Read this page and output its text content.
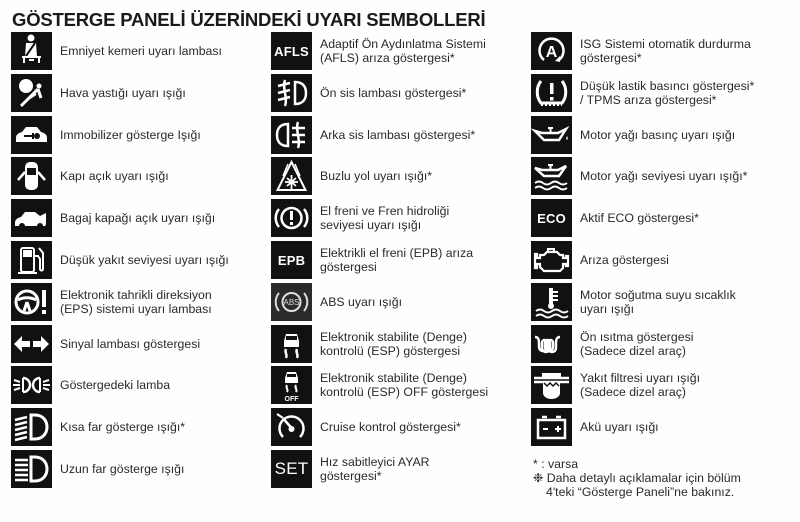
GÖSTERGE PANELİ ÜZERİNDEKİ UYARI SEMBOLLERİ
Emniyet kemeri uyarı lambası
Hava yastığı uyarı ışığı
Immobilizer gösterge Işığı
Kapı açık uyarı ışığı
Bagaj kapağı açık uyarı ışığı
Düşük yakıt seviyesi uyarı ışığı
Elektronik tahrikli direksiyon
(EPS) sistemi uyarı lambası
Sinyal lambası göstergesi
Göstergedeki lamba
Kısa far gösterge ışığı*
Uzun far gösterge ışığı
AFLS Adaptif Ön Aydınlatma Sistemi
(AFLS) arıza göstergesi*
Ön sis lambası göstergesi*
Arka sis lambası göstergesi*
Buzlu yol uyarı ışığı*
El freni ve Fren hidroliği
seviyesi uyarı ışığı
EPB	Elektrikli el freni (EPB) arıza
göstergesi
ABS ABS uyarı ışığı
Elektronik stabilite (Denge)
kontrolü (ESP) göstergesi
OFF
Elektronik stabilite (Denge)
kontrolü (ESP) OFF göstergesi
Cruise kontrol göstergesi*
SET Hız sabitleyici AYAR
göstergesi*
A ISG Sistemi otomatik durdurma
göstergesi*
Düşük lastik basıncı göstergesi*
/ TPMS arıza göstergesi*
Motor yağı basınç uyarı ışığı
Motor yağı seviyesi uyarı ışığı*
ECO	Aktif ECO göstergesi*
Arıza göstergesi
Motor soğutma suyu sıcaklık
uyarı ışığı
Ön ısıtma göstergesi
(Sadece dizel araç)
Yakıt filtresi uyarı ışığı
(Sadece dizel araç)
Akü uyarı ışığı
* : varsa
❉ Daha detaylı açıklamalar için bölüm
4'teki “Gösterge Paneli”ne bakınız.
